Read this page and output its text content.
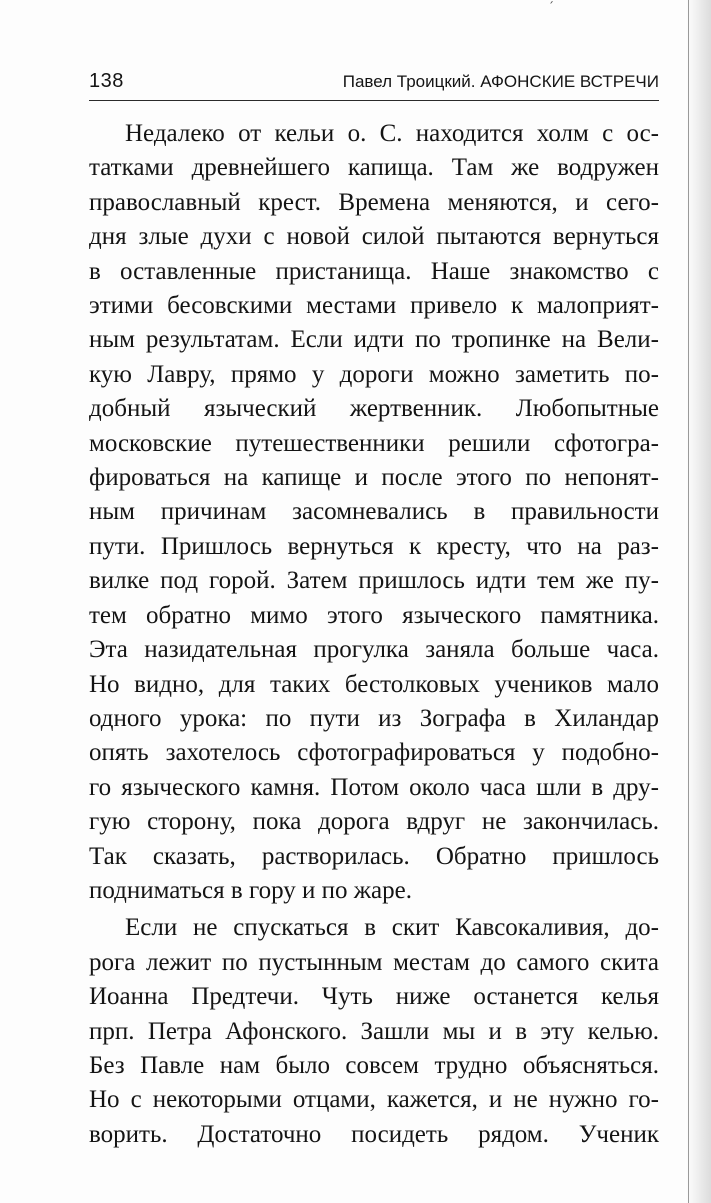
´
138	Павел Троицкий. АФОНСКИЕ ВСТРЕЧИ

Недалеко от кельи о. С. находится холм с ос-
татками древнейшего капища. Там же водружен
православный крест. Времена меняются, и сего-
дня злые духи с новой силой пытаются вернуться
в оставленные пристанища. Наше знакомство с
этими бесовскими местами привело к малоприят-
ным результатам. Если идти по тропинке на Вели-
кую Лавру, прямо у дороги можно заметить по-
добный языческий жертвенник. Любопытные
московские путешественники решили сфотогра-
фироваться на капище и после этого по непонят-
ным причинам засомневались в правильности
пути. Пришлось вернуться к кресту, что на раз-
вилке под горой. Затем пришлось идти тем же пу-
тем обратно мимо этого языческого памятника.
Эта назидательная прогулка заняла больше часа.
Но видно, для таких бестолковых учеников мало
одного урока: по пути из Зографа в Хиландар
опять захотелось сфотографироваться у подобно-
го языческого камня. Потом около часа шли в дру-
гую сторону, пока дорога вдруг не закончилась.
Так сказать, растворилась. Обратно пришлось
подниматься в гору и по жаре.

Если не спускаться в скит Кавсокаливия, до-
рога лежит по пустынным местам до самого скита
Иоанна Предтечи. Чуть ниже останется келья
прп. Петра Афонского. Зашли мы и в эту келью.
Без Павле нам было совсем трудно объясняться.
Но с некоторыми отцами, кажется, и не нужно го-
ворить. Достаточно посидеть рядом. Ученик
